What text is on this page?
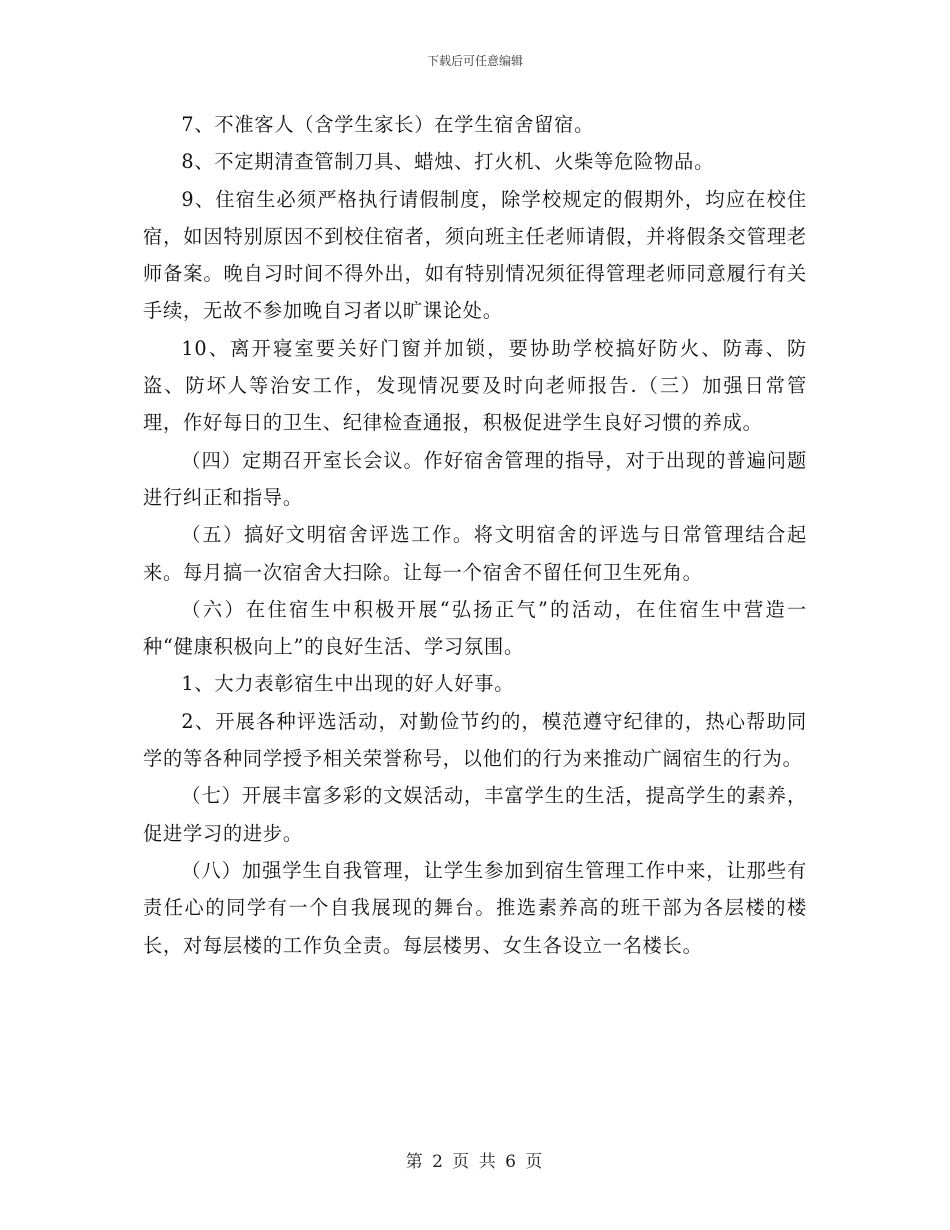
下载后可任意编辑

7、不准客人（含学生家长）在学生宿舍留宿。

8、不定期清查管制刀具、蜡烛、打火机、火柴等危险物品。

9、住宿生必须严格执行请假制度，除学校规定的假期外，均应在校住宿，如因特别原因不到校住宿者，须向班主任老师请假，并将假条交管理老师备案。晚自习时间不得外出，如有特别情况须征得管理老师同意履行有关手续，无故不参加晚自习者以旷课论处。

10、离开寝室要关好门窗并加锁，要协助学校搞好防火、防毒、防盗、防坏人等治安工作，发现情况要及时向老师报告.（三）加强日常管理，作好每日的卫生、纪律检查通报，积极促进学生良好习惯的养成。

（四）定期召开室长会议。作好宿舍管理的指导，对于出现的普遍问题进行纠正和指导。

（五）搞好文明宿舍评选工作。将文明宿舍的评选与日常管理结合起来。每月搞一次宿舍大扫除。让每一个宿舍不留任何卫生死角。

（六）在住宿生中积极开展“弘扬正气”的活动，在住宿生中营造一种“健康积极向上”的良好生活、学习氛围。

1、大力表彰宿生中出现的好人好事。

2、开展各种评选活动，对勤俭节约的，模范遵守纪律的，热心帮助同学的等各种同学授予相关荣誉称号，以他们的行为来推动广阔宿生的行为。

（七）开展丰富多彩的文娱活动，丰富学生的生活，提高学生的素养，促进学习的进步。

（八）加强学生自我管理，让学生参加到宿生管理工作中来，让那些有责任心的同学有一个自我展现的舞台。推选素养高的班干部为各层楼的楼长，对每层楼的工作负全责。每层楼男、女生各设立一名楼长。

第 2 页 共 6 页
